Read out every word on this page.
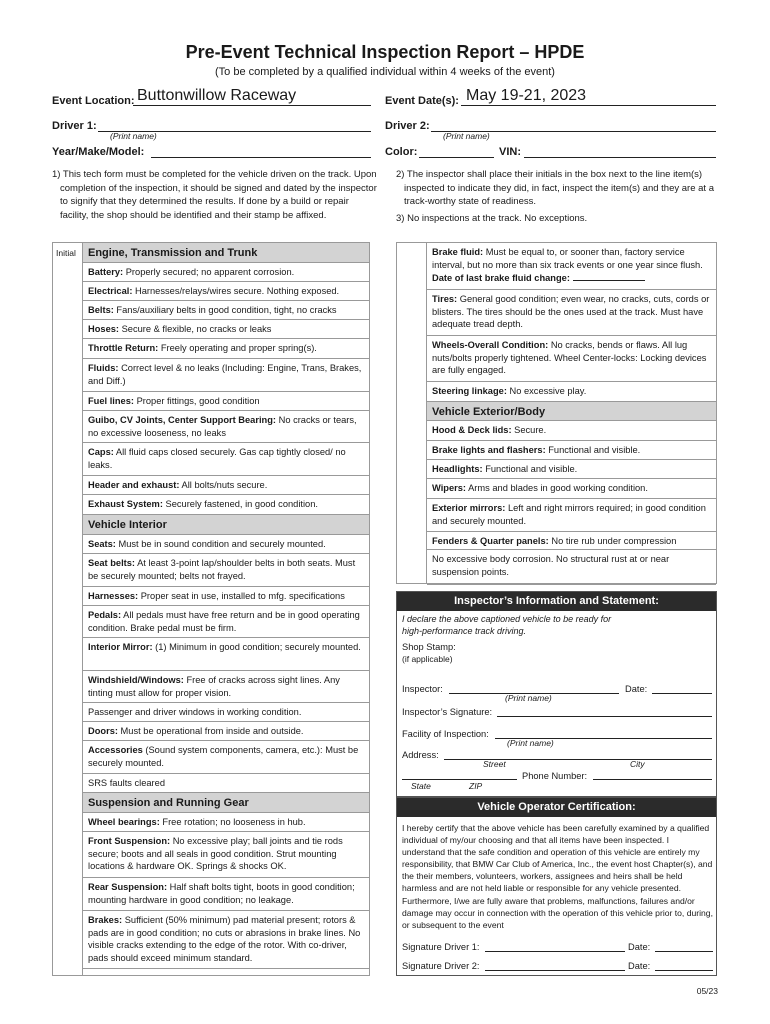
Pre-Event Technical Inspection Report – HPDE
(To be completed by a qualified individual within 4 weeks of the event)
Event Location: Buttonwillow Raceway	Event Date(s): May 19-21, 2023
Driver 1:
(Print name)
Driver 2:
(Print name)
Year/Make/Model:	Color:	VIN:
1) This tech form must be completed for the vehicle driven on the track. Upon completion of the inspection, it should be signed and dated by the inspector to signify that they determined the results. If done by a build or repair facility, the shop should be identified and their stamp be affixed.
2) The inspector shall place their initials in the box next to the line item(s) inspected to indicate they did, in fact, inspect the item(s) and they are at a track-worthy state of readiness.
3) No inspections at the track. No exceptions.
Initial	Engine, Transmission and Trunk
Battery: Properly secured; no apparent corrosion.
Electrical: Harnesses/relays/wires secure. Nothing exposed.
Belts: Fans/auxiliary belts in good condition, tight, no cracks
Hoses: Secure & flexible, no cracks or leaks
Throttle Return: Freely operating and proper spring(s).
Fluids: Correct level & no leaks (Including: Engine, Trans, Brakes, and Diff.)
Fuel lines: Proper fittings, good condition
Guibo, CV Joints, Center Support Bearing: No cracks or tears, no excessive looseness, no leaks
Caps: All fluid caps closed securely. Gas cap tightly closed/ no leaks.
Header and exhaust: All bolts/nuts secure.
Exhaust System: Securely fastened, in good condition.
Vehicle Interior
Seats: Must be in sound condition and securely mounted.
Seat belts: At least 3-point lap/shoulder belts in both seats. Must be securely mounted; belts not frayed.
Harnesses: Proper seat in use, installed to mfg. specifications
Pedals: All pedals must have free return and be in good operating condition. Brake pedal must be firm.
Interior Mirror: (1) Minimum in good condition; securely mounted.
Windshield/Windows: Free of cracks across sight lines. Any tinting must allow for proper vision.
Passenger and driver windows in working condition.
Doors: Must be operational from inside and outside.
Accessories (Sound system components, camera, etc.): Must be securely mounted.
SRS faults cleared
Suspension and Running Gear
Wheel bearings: Free rotation; no looseness in hub.
Front Suspension: No excessive play; ball joints and tie rods secure; boots and all seals in good condition. Strut mounting locations & hardware OK. Springs & shocks OK.
Rear Suspension: Half shaft bolts tight, boots in good condition; mounting hardware in good condition; no leakage.
Brakes: Sufficient (50% minimum) pad material present; rotors & pads are in good condition; no cuts or abrasions in brake lines. No visible cracks extending to the edge of the rotor. With co-driver, pads should exceed minimum standard.
Brake fluid: Must be equal to, or sooner than, factory service interval, but no more than six track events or one year since flush. Date of last brake fluid change:
Tires: General good condition; even wear, no cracks, cuts, cords or blisters. The tires should be the ones used at the track. Must have adequate tread depth.
Wheels-Overall Condition: No cracks, bends or flaws. All lug nuts/bolts properly tightened. Wheel Center-locks: Locking devices are fully engaged.
Steering linkage: No excessive play.
Vehicle Exterior/Body
Hood & Deck lids: Secure.
Brake lights and flashers: Functional and visible.
Headlights: Functional and visible.
Wipers: Arms and blades in good working condition.
Exterior mirrors: Left and right mirrors required; in good condition and securely mounted.
Fenders & Quarter panels: No tire rub under compression
No excessive body corrosion. No structural rust at or near suspension points.
Inspector’s Information and Statement:
I declare the above captioned vehicle to be ready for high-performance track driving.
Shop Stamp:
(if applicable)
Inspector:	Date:
(Print name)
Inspector’s Signature:
Facility of Inspection:
(Print name)
Address:
Street	City
Phone Number:
State	ZIP
Vehicle Operator Certification:
I hereby certify that the above vehicle has been carefully examined by a qualified individual of my/our choosing and that all items have been inspected. I understand that the safe condition and operation of this vehicle are entirely my responsibility, that BMW Car Club of America, Inc., the event host Chapter(s), and the their members, volunteers, workers, assignees and heirs shall be held harmless and are not held liable or responsible for any vehicle presented. Furthermore, I/we are fully aware that problems, malfunctions, failures and/or damage may occur in connection with the operation of this vehicle prior to, during, or subsequent to the event
Signature Driver 1:	Date:
Signature Driver 2:	Date:
05/23
